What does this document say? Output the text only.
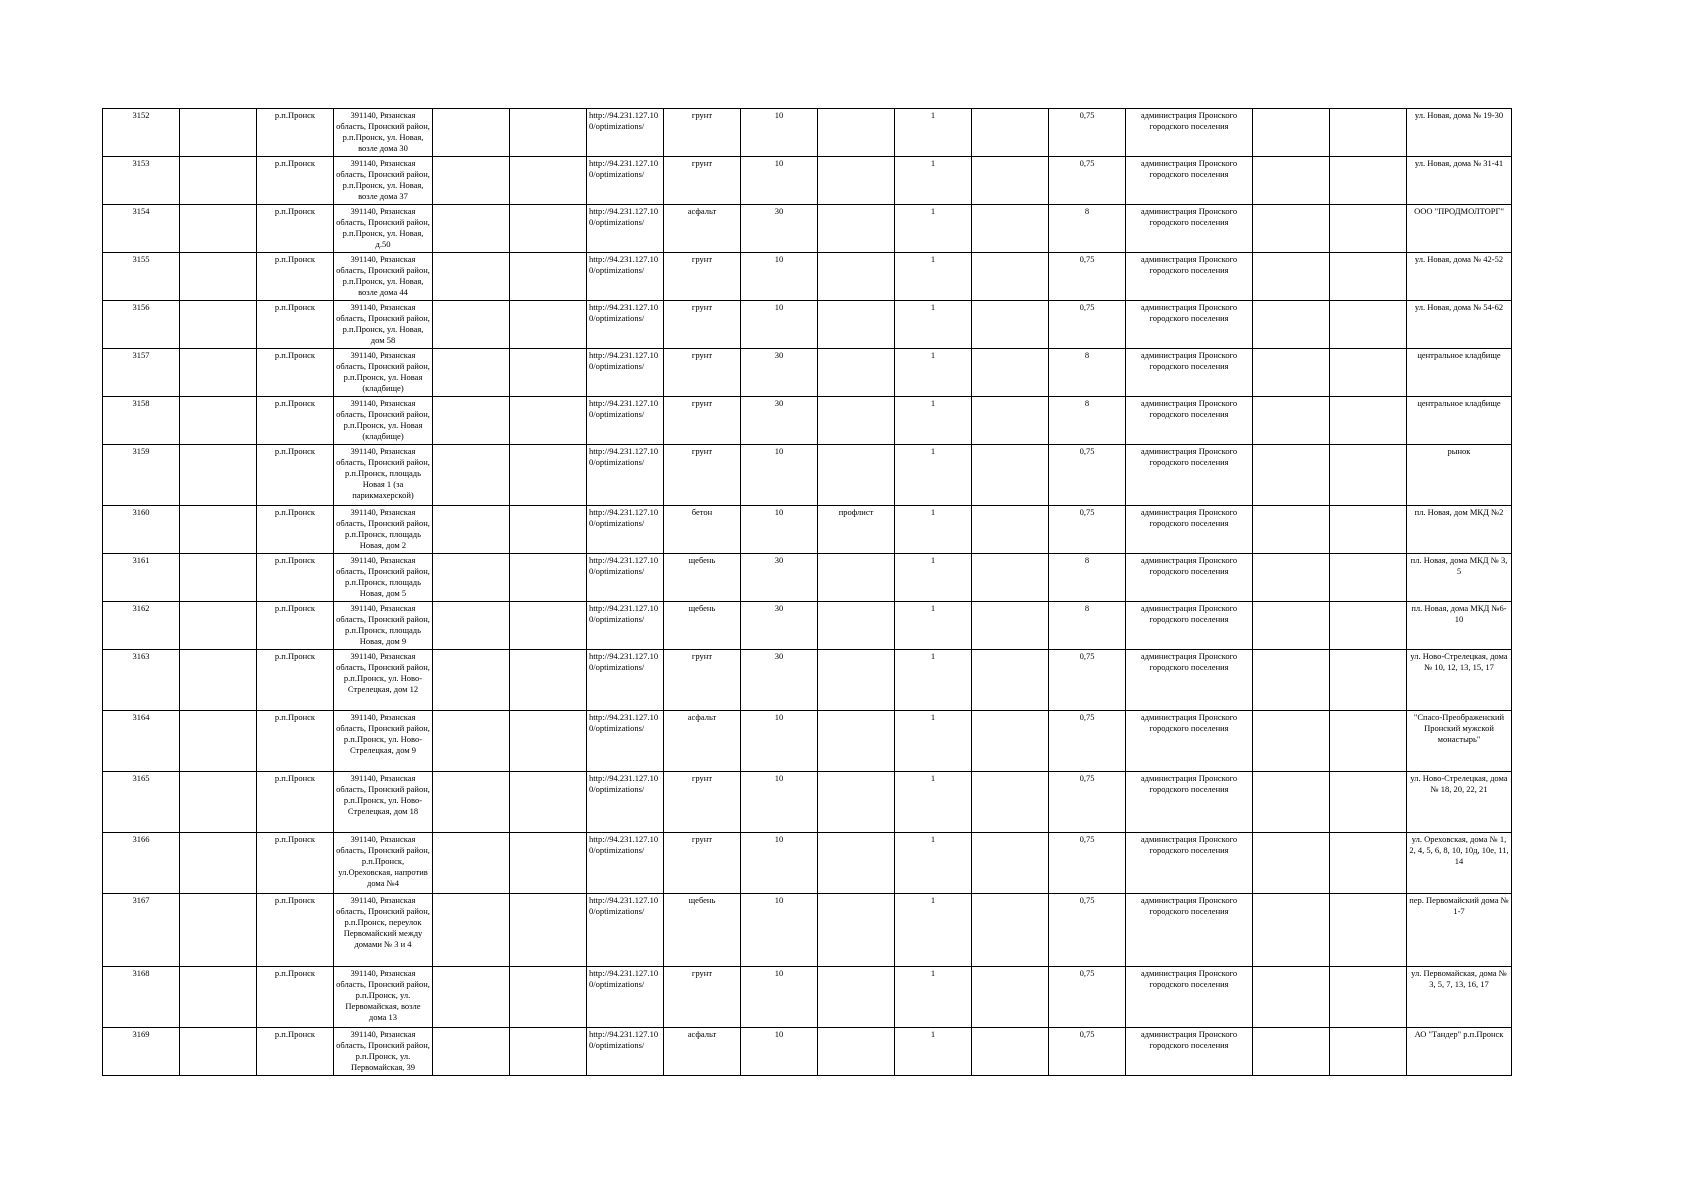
3152		р.п.Пронск	391140, Рязанская область, Пронский район, р.п.Пронск, ул. Новая, возле дома 30			http://94.231.127.100/optimizations/	грунт	10		1		0,75	администрация Пронского городского поселения			ул. Новая, дома № 19-30
3153		р.п.Пронск	391140, Рязанская область, Пронский район, р.п.Пронск, ул. Новая, возле дома 37			http://94.231.127.100/optimizations/	грунт	10		1		0,75	администрация Пронского городского поселения			ул. Новая, дома № 31-41
3154		р.п.Пронск	391140, Рязанская область, Пронский район, р.п.Пронск, ул. Новая, д.50			http://94.231.127.100/optimizations/	асфальт	30		1		8	администрация Пронского городского поселения			ООО "ПРОДМОЛТОРГ"
3155		р.п.Пронск	391140, Рязанская область, Пронский район, р.п.Пронск, ул. Новая, возле дома 44			http://94.231.127.100/optimizations/	грунт	10		1		0,75	администрация Пронского городского поселения			ул. Новая, дома № 42-52
3156		р.п.Пронск	391140, Рязанская область, Пронский район, р.п.Пронск, ул. Новая, дом 58			http://94.231.127.100/optimizations/	грунт	10		1		0,75	администрация Пронского городского поселения			ул. Новая, дома № 54-62
3157		р.п.Пронск	391140, Рязанская область, Пронский район, р.п.Пронск, ул. Новая (кладбище)			http://94.231.127.100/optimizations/	грунт	30		1		8	администрация Пронского городского поселения			центральное кладбище
3158		р.п.Пронск	391140, Рязанская область, Пронский район, р.п.Пронск, ул. Новая (кладбище)			http://94.231.127.100/optimizations/	грунт	30		1		8	администрация Пронского городского поселения			центральное кладбище
3159		р.п.Пронск	391140, Рязанская область, Пронский район, р.п.Пронск, площадь Новая 1 (за парикмахерской)			http://94.231.127.100/optimizations/	грунт	10		1		0,75	администрация Пронского городского поселения			рынок
3160		р.п.Пронск	391140, Рязанская область, Пронский район, р.п.Пронск, площадь Новая, дом 2			http://94.231.127.100/optimizations/	бетон	10	профлист	1		0,75	администрация Пронского городского поселения			пл. Новая, дом МКД №2
3161		р.п.Пронск	391140, Рязанская область, Пронский район, р.п.Пронск, площадь Новая, дом 5			http://94.231.127.100/optimizations/	щебень	30		1		8	администрация Пронского городского поселения			пл. Новая, дома МКД № 3, 5
3162		р.п.Пронск	391140, Рязанская область, Пронский район, р.п.Пронск, площадь Новая, дом 9			http://94.231.127.100/optimizations/	щебень	30		1		8	администрация Пронского городского поселения			пл. Новая, дома МКД №6-10
3163		р.п.Пронск	391140, Рязанская область, Пронский район, р.п.Пронск, ул. Ново-Стрелецкая, дом 12			http://94.231.127.100/optimizations/	грунт	30		1		0,75	администрация Пронского городского поселения			ул. Ново-Стрелецкая, дома № 10, 12, 13, 15, 17
3164		р.п.Пронск	391140, Рязанская область, Пронский район, р.п.Пронск, ул. Ново-Стрелецкая, дом 9			http://94.231.127.100/optimizations/	асфальт	10		1		0,75	администрация Пронского городского поселения			"Спасо-Преображенский Пронский мужской монастырь"
3165		р.п.Пронск	391140, Рязанская область, Пронский район, р.п.Пронск, ул. Ново-Стрелецкая, дом 18			http://94.231.127.100/optimizations/	грунт	10		1		0,75	администрация Пронского городского поселения			ул. Ново-Стрелецкая, дома № 18, 20, 22, 21
3166		р.п.Пронск	391140, Рязанская область, Пронский район, р.п.Пронск, ул.Ореховская, напротив дома №4			http://94.231.127.100/optimizations/	грунт	10		1		0,75	администрация Пронского городского поселения			ул. Ореховская, дома № 1, 2, 4, 5, 6, 8, 10, 10д, 10е, 11, 14
3167		р.п.Пронск	391140, Рязанская область, Пронский район, р.п.Пронск, переулок Первомайский между домами № 3 и 4			http://94.231.127.100/optimizations/	щебень	10		1		0,75	администрация Пронского городского поселения			пер. Первомайский дома № 1-7
3168		р.п.Пронск	391140, Рязанская область, Пронский район, р.п.Пронск, ул. Первомайская, возле дома 13			http://94.231.127.100/optimizations/	грунт	10		1		0,75	администрация Пронского городского поселения			ул. Первомайская, дома № 3, 5, 7, 13, 16, 17
3169		р.п.Пронск	391140, Рязанская область, Пронский район, р.п.Пронск, ул. Первомайская, 39			http://94.231.127.100/optimizations/	асфальт	10		1		0,75	администрация Пронского городского поселения			АО "Тандер" р.п.Пронск
